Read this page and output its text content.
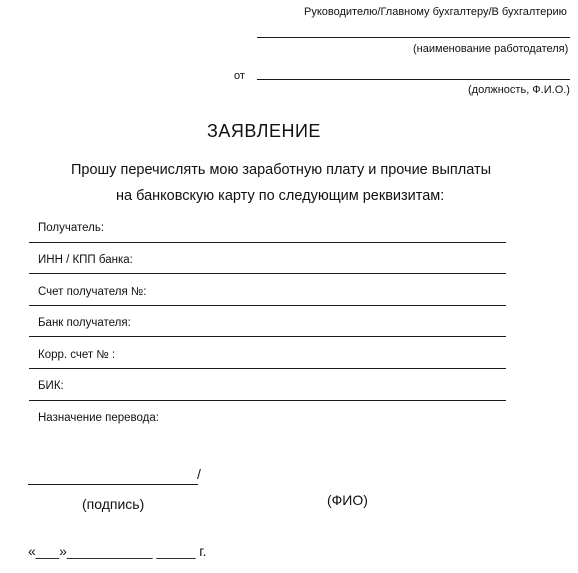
Руководителю/Главному бухгалтеру/В бухгалтерию
(наименование работодателя)
от
(должность, Ф.И.О.)
ЗАЯВЛЕНИЕ
Прошу перечислять мою заработную плату и прочие выплаты
на банковскую карту по следующим реквизитам:
Получатель:
ИНН / КПП банка:
Счет получателя №:
Банк получателя:
Корр. счет № :
БИК:
Назначение перевода:
/
(подпись)	(ФИО)
«___»___________ _____ г.
